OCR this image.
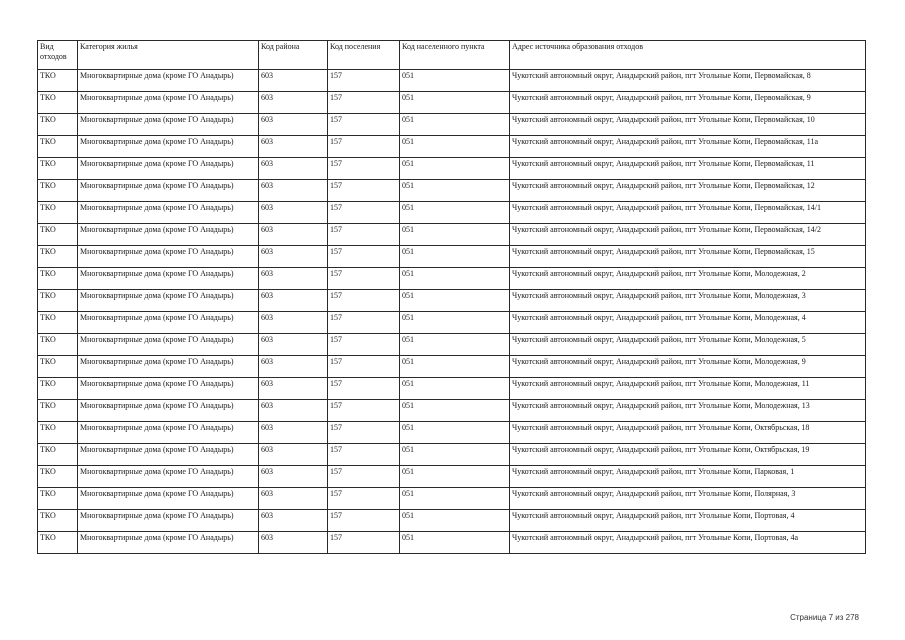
Вид отходов	Категория жилья	Код района	Код поселения	Код населенного пункта	Адрес источника образования отходов
ТКО	Многоквартирные дома (кроме ГО Анадырь)	603	157	051	Чукотский автономный округ, Анадырский район, пгт Угольные Копи, Первомайская, 8
ТКО	Многоквартирные дома (кроме ГО Анадырь)	603	157	051	Чукотский автономный округ, Анадырский район, пгт Угольные Копи, Первомайская, 9
ТКО	Многоквартирные дома (кроме ГО Анадырь)	603	157	051	Чукотский автономный округ, Анадырский район, пгт Угольные Копи, Первомайская, 10
ТКО	Многоквартирные дома (кроме ГО Анадырь)	603	157	051	Чукотский автономный округ, Анадырский район, пгт Угольные Копи, Первомайская, 11а
ТКО	Многоквартирные дома (кроме ГО Анадырь)	603	157	051	Чукотский автономный округ, Анадырский район, пгт Угольные Копи, Первомайская, 11
ТКО	Многоквартирные дома (кроме ГО Анадырь)	603	157	051	Чукотский автономный округ, Анадырский район, пгт Угольные Копи, Первомайская, 12
ТКО	Многоквартирные дома (кроме ГО Анадырь)	603	157	051	Чукотский автономный округ, Анадырский район, пгт Угольные Копи, Первомайская, 14/1
ТКО	Многоквартирные дома (кроме ГО Анадырь)	603	157	051	Чукотский автономный округ, Анадырский район, пгт Угольные Копи, Первомайская, 14/2
ТКО	Многоквартирные дома (кроме ГО Анадырь)	603	157	051	Чукотский автономный округ, Анадырский район, пгт Угольные Копи, Первомайская, 15
ТКО	Многоквартирные дома (кроме ГО Анадырь)	603	157	051	Чукотский автономный округ, Анадырский район, пгт Угольные Копи, Молодежная, 2
ТКО	Многоквартирные дома (кроме ГО Анадырь)	603	157	051	Чукотский автономный округ, Анадырский район, пгт Угольные Копи, Молодежная, 3
ТКО	Многоквартирные дома (кроме ГО Анадырь)	603	157	051	Чукотский автономный округ, Анадырский район, пгт Угольные Копи, Молодежная, 4
ТКО	Многоквартирные дома (кроме ГО Анадырь)	603	157	051	Чукотский автономный округ, Анадырский район, пгт Угольные Копи, Молодежная, 5
ТКО	Многоквартирные дома (кроме ГО Анадырь)	603	157	051	Чукотский автономный округ, Анадырский район, пгт Угольные Копи, Молодежная, 9
ТКО	Многоквартирные дома (кроме ГО Анадырь)	603	157	051	Чукотский автономный округ, Анадырский район, пгт Угольные Копи, Молодежная, 11
ТКО	Многоквартирные дома (кроме ГО Анадырь)	603	157	051	Чукотский автономный округ, Анадырский район, пгт Угольные Копи, Молодежная, 13
ТКО	Многоквартирные дома (кроме ГО Анадырь)	603	157	051	Чукотский автономный округ, Анадырский район, пгт Угольные Копи, Октябрьская, 18
ТКО	Многоквартирные дома (кроме ГО Анадырь)	603	157	051	Чукотский автономный округ, Анадырский район, пгт Угольные Копи, Октябрьская, 19
ТКО	Многоквартирные дома (кроме ГО Анадырь)	603	157	051	Чукотский автономный округ, Анадырский район, пгт Угольные Копи, Парковая, 1
ТКО	Многоквартирные дома (кроме ГО Анадырь)	603	157	051	Чукотский автономный округ, Анадырский район, пгт Угольные Копи, Полярная, 3
ТКО	Многоквартирные дома (кроме ГО Анадырь)	603	157	051	Чукотский автономный округ, Анадырский район, пгт Угольные Копи, Портовая, 4
ТКО	Многоквартирные дома (кроме ГО Анадырь)	603	157	051	Чукотский автономный округ, Анадырский район, пгт Угольные Копи, Портовая, 4а
Страница 7 из 278
